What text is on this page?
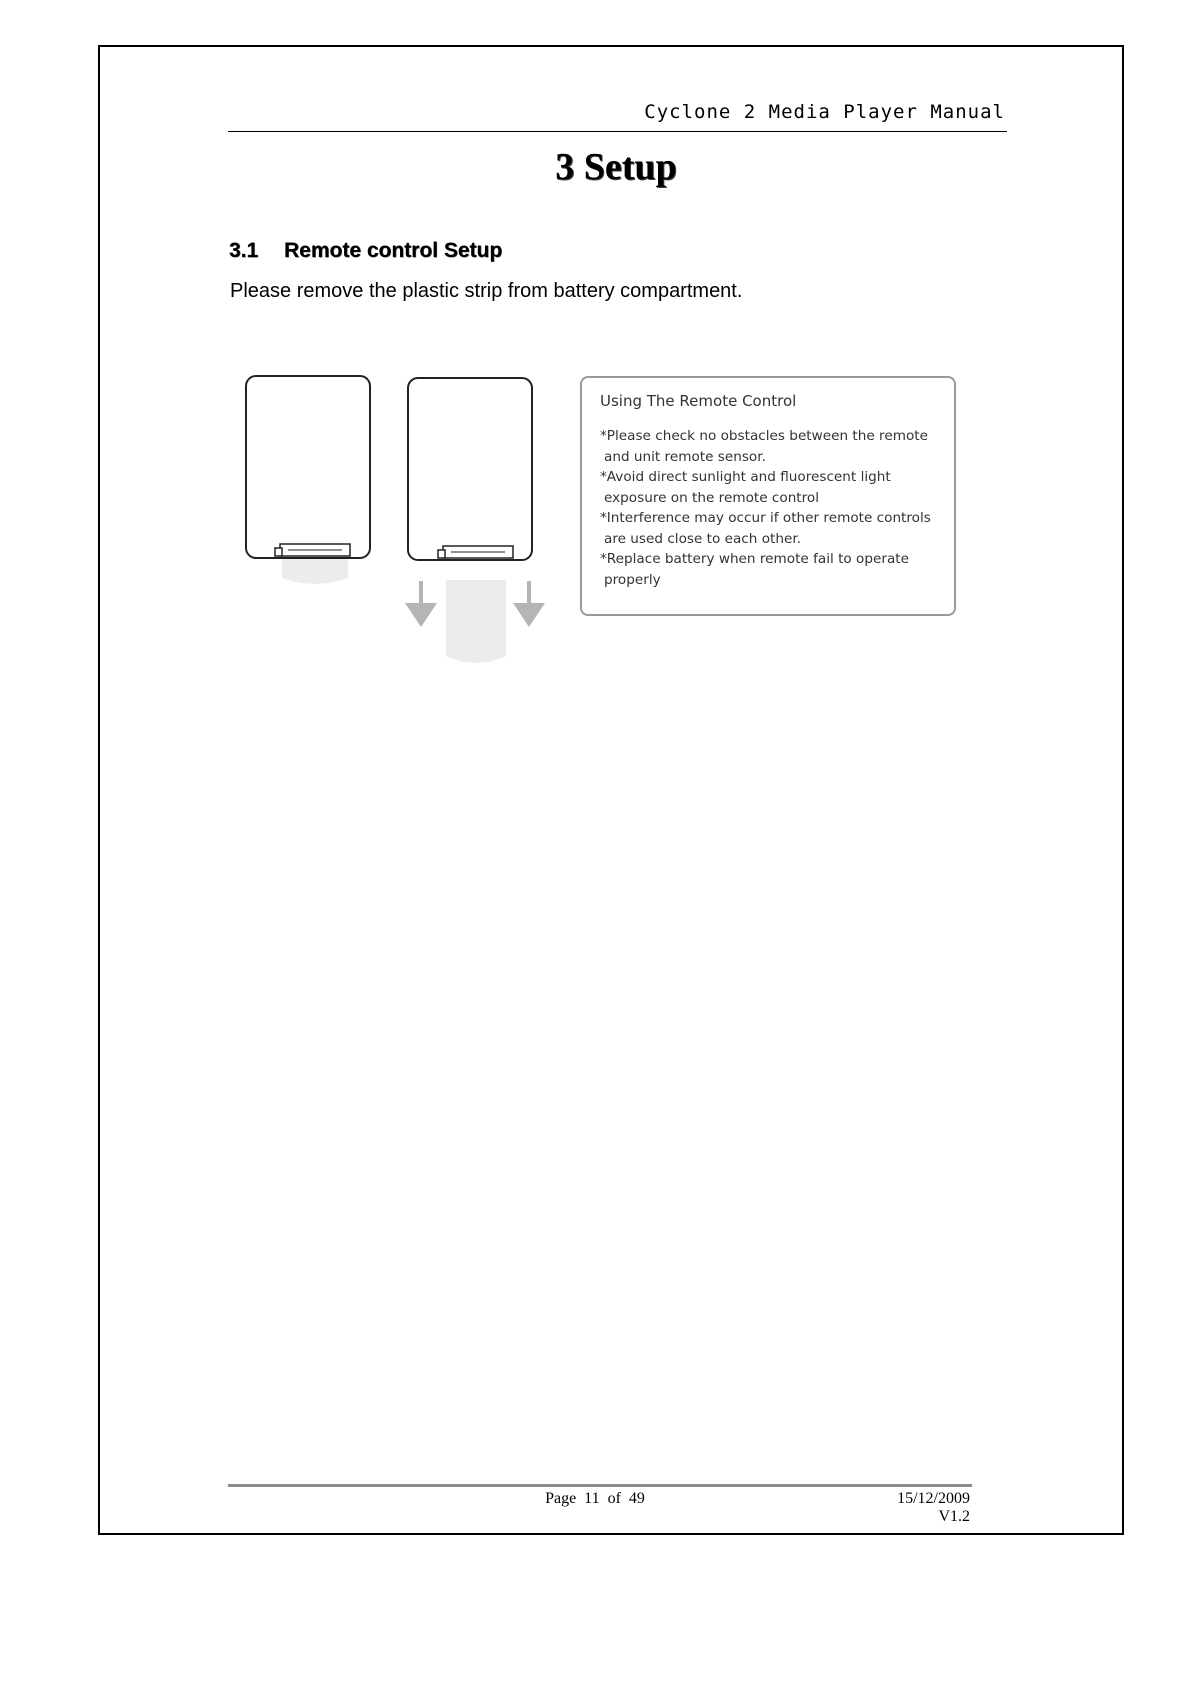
Cyclone 2 Media Player Manual
3 Setup
3.1 Remote control Setup
Please remove the plastic strip from battery compartment.
Using The Remote Control
*Please check no obstacles between the remote and unit remote sensor.
*Avoid direct sunlight and fluorescent light exposure on the remote control
*Interference may occur if other remote controls are used close to each other.
*Replace battery when remote fail to operate properly
Page  11  of  49	15/12/2009
V1.2
